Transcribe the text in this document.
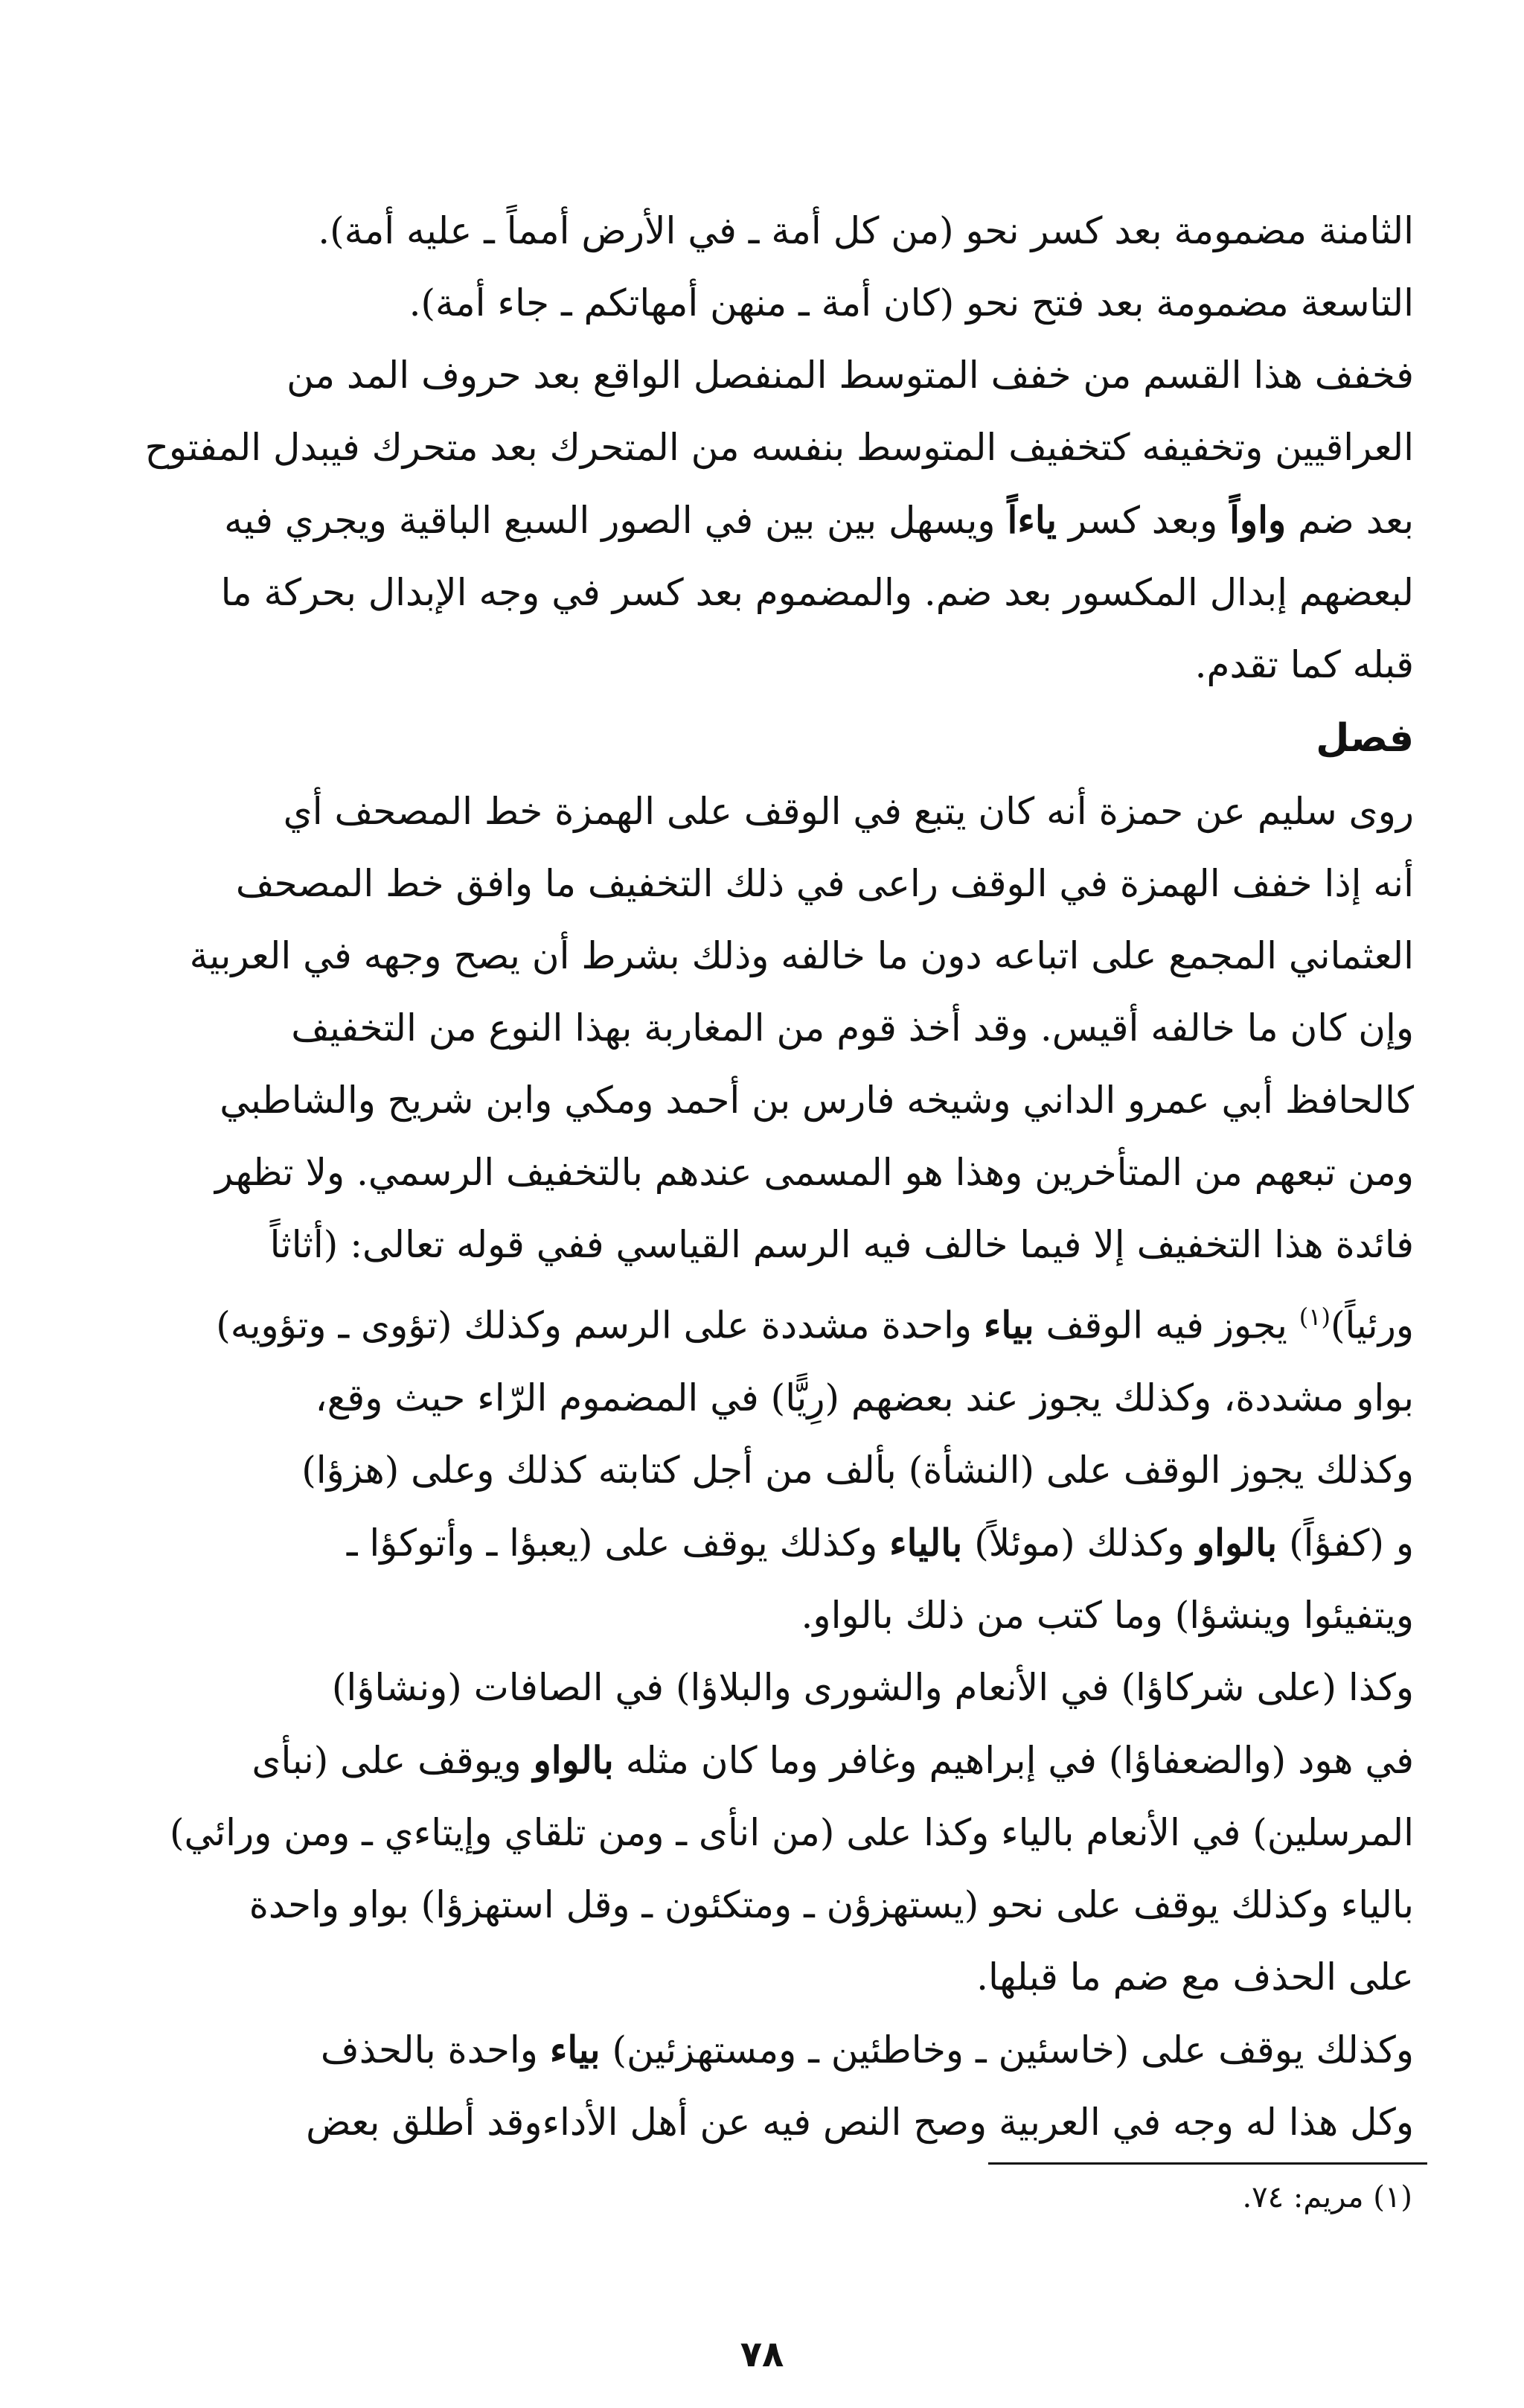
الثامنة مضمومة بعد كسر نحو (من كل أمة ـ في الأرض أمماً ـ عليه أمة).
التاسعة مضمومة بعد فتح نحو (كان أمة ـ منهن أمهاتكم ـ جاء أمة).
فخفف هذا القسم من خفف المتوسط المنفصل الواقع بعد حروف المد من
العراقيين وتخفيفه كتخفيف المتوسط بنفسه من المتحرك بعد متحرك فيبدل المفتوح
بعد ضم واواً وبعد كسر ياءاً ويسهل بين بين في الصور السبع الباقية ويجري فيه
لبعضهم إبدال المكسور بعد ضم. والمضموم بعد كسر في وجه الإبدال بحركة ما
قبله كما تقدم.
فصل
روى سليم عن حمزة أنه كان يتبع في الوقف على الهمزة خط المصحف أي
أنه إذا خفف الهمزة في الوقف راعى في ذلك التخفيف ما وافق خط المصحف
العثماني المجمع على اتباعه دون ما خالفه وذلك بشرط أن يصح وجهه في العربية
وإن كان ما خالفه أقيس. وقد أخذ قوم من المغاربة بهذا النوع من التخفيف
كالحافظ أبي عمرو الداني وشيخه فارس بن أحمد ومكي وابن شريح والشاطبي
ومن تبعهم من المتأخرين وهذا هو المسمى عندهم بالتخفيف الرسمي. ولا تظهر
فائدة هذا التخفيف إلا فيما خالف فيه الرسم القياسي ففي قوله تعالى: (أثاثاً
ورئياً)$^{(١)}$ يجوز فيه الوقف بياء واحدة مشددة على الرسم وكذلك (تؤوى ـ وتؤويه)
بواو مشددة، وكذلك يجوز عند بعضهم (رِيًّا) في المضموم الرّاء حيث وقع،
وكذلك يجوز الوقف على (النشأة) بألف من أجل كتابته كذلك وعلى (هزؤا)
و (كفؤاً) بالواو وكذلك (موئلاً) بالياء وكذلك يوقف على (يعبؤا ـ وأتوكؤا ـ
ويتفيئوا وينشؤا) وما كتب من ذلك بالواو.
وكذا (على شركاؤا) في الأنعام والشورى والبلاؤا) في الصافات (ونشاؤا)
في هود (والضعفاؤا) في إبراهيم وغافر وما كان مثله بالواو ويوقف على (نبأى
المرسلين) في الأنعام بالياء وكذا على (من انأى ـ ومن تلقاي وإيتاءي ـ ومن ورائي)
بالياء وكذلك يوقف على نحو (يستهزؤن ـ ومتكئون ـ وقل استهزؤا) بواو واحدة
على الحذف مع ضم ما قبلها.
وكذلك يوقف على (خاسئين ـ وخاطئين ـ ومستهزئين) بياء واحدة بالحذف
وكل هذا له وجه في العربية وصح النص فيه عن أهل الأداءوقد أطلق بعض
(١) مريم: ٧٤.
٧٨
